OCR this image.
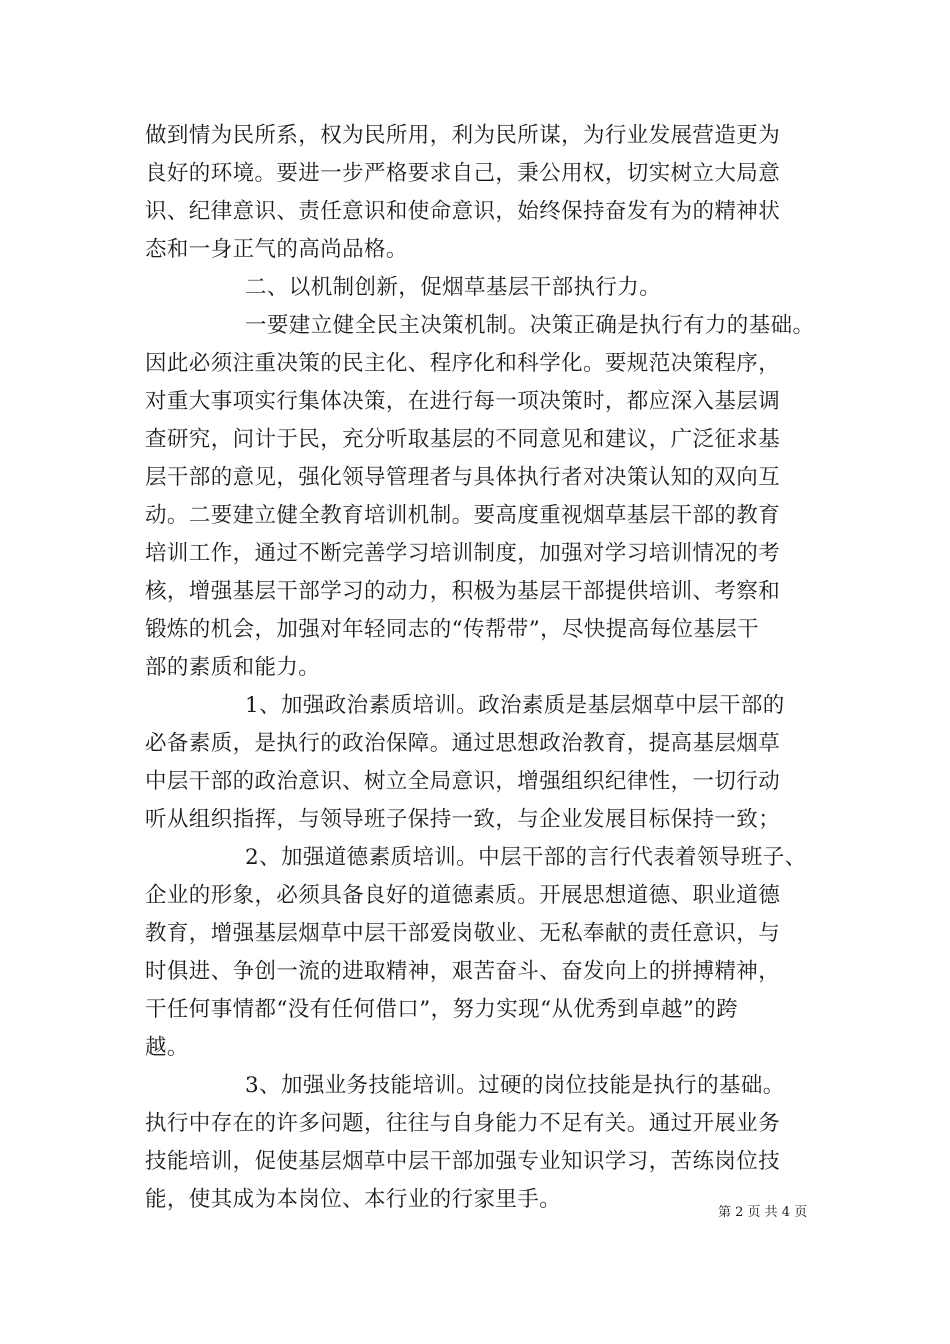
做到情为民所系，权为民所用，利为民所谋，为行业发展营造更为
良好的环境。要进一步严格要求自己，秉公用权，切实树立大局意
识、纪律意识、责任意识和使命意识，始终保持奋发有为的精神状
态和一身正气的高尚品格。
二、以机制创新，促烟草基层干部执行力。
一要建立健全民主决策机制。决策正确是执行有力的基础。
因此必须注重决策的民主化、程序化和科学化。要规范决策程序，
对重大事项实行集体决策，在进行每一项决策时，都应深入基层调
查研究，问计于民，充分听取基层的不同意见和建议，广泛征求基
层干部的意见，强化领导管理者与具体执行者对决策认知的双向互
动。二要建立健全教育培训机制。要高度重视烟草基层干部的教育
培训工作，通过不断完善学习培训制度，加强对学习培训情况的考
核，增强基层干部学习的动力，积极为基层干部提供培训、考察和
锻炼的机会，加强对年轻同志的“传帮带”，尽快提高每位基层干
部的素质和能力。
1、加强政治素质培训。政治素质是基层烟草中层干部的
必备素质，是执行的政治保障。通过思想政治教育，提高基层烟草
中层干部的政治意识、树立全局意识，增强组织纪律性，一切行动
听从组织指挥，与领导班子保持一致，与企业发展目标保持一致；
2、加强道德素质培训。中层干部的言行代表着领导班子、
企业的形象，必须具备良好的道德素质。开展思想道德、职业道德
教育，增强基层烟草中层干部爱岗敬业、无私奉献的责任意识，与
时俱进、争创一流的进取精神，艰苦奋斗、奋发向上的拼搏精神，
干任何事情都“没有任何借口”，努力实现“从优秀到卓越”的跨
越。
3、加强业务技能培训。过硬的岗位技能是执行的基础。
执行中存在的许多问题，往往与自身能力不足有关。通过开展业务
技能培训，促使基层烟草中层干部加强专业知识学习，苦练岗位技
能，使其成为本岗位、本行业的行家里手。
第 2 页 共 4 页
